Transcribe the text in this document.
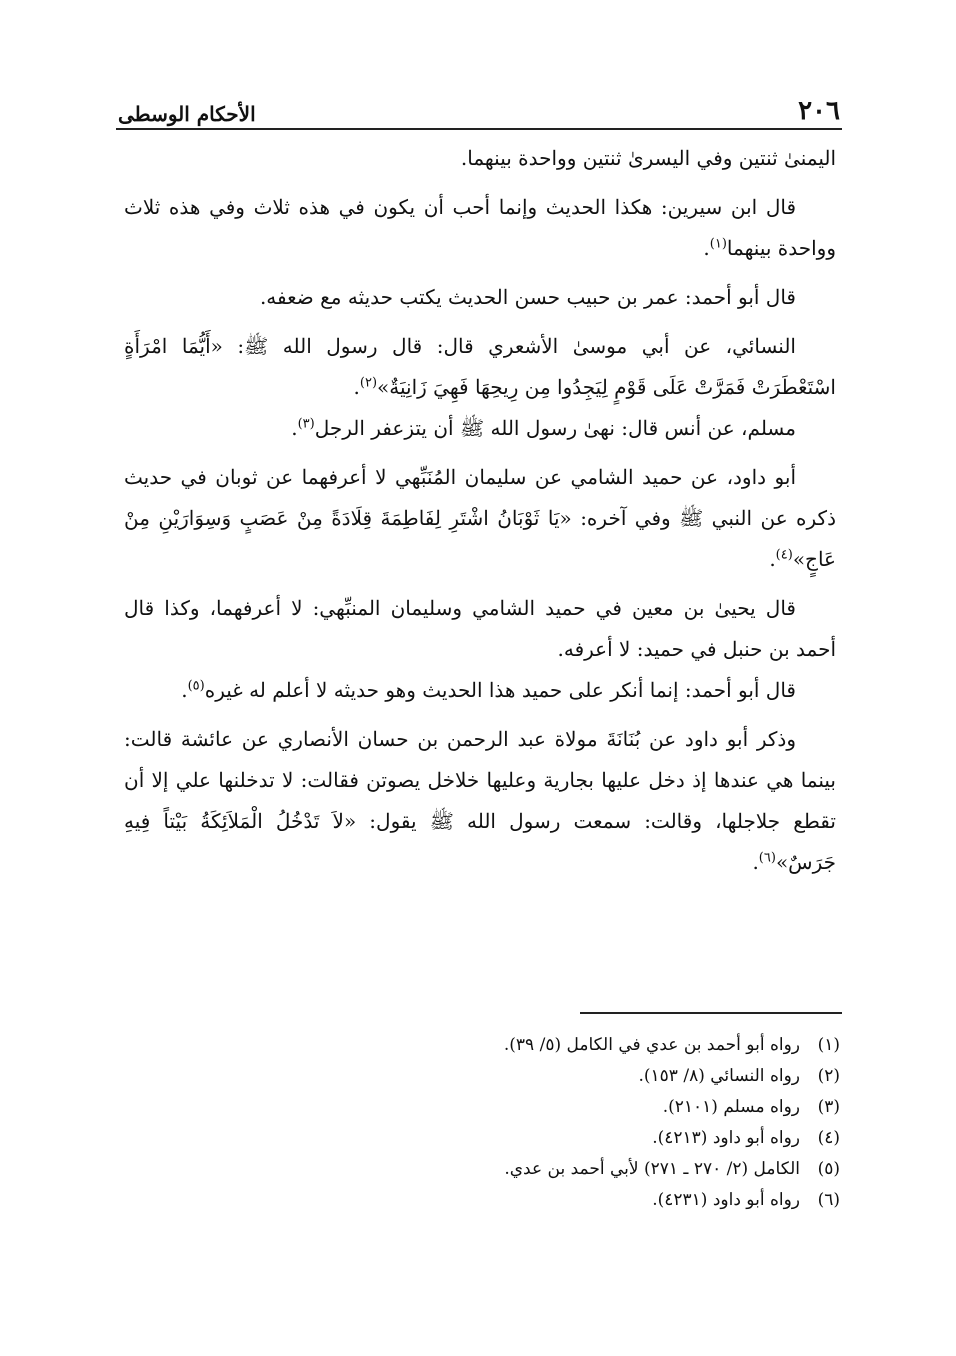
٢٠٦
الأحكام الوسطى

اليمنىٰ ثنتين وفي اليسرىٰ ثنتين وواحدة بينهما.

قال ابن سيرين: هكذا الحديث وإنما أحب أن يكون في هذه ثلاث وفي هذه ثلاث وواحدة بينهما$^{(١)}$.

قال أبو أحمد: عمر بن حبيب حسن الحديث يكتب حديثه مع ضعفه.

النسائي، عن أبي موسىٰ الأشعري قال: قال رسول الله ﷺ: «أَيُّمَا امْرَأَةٍ اسْتَعْطَرَتْ فَمَرَّتْ عَلَى قَوْمٍ لِيَجِدُوا مِن رِيحِهَا فَهِيَ زَانِيَةٌ»$^{(٢)}$.

مسلم، عن أنس قال: نهىٰ رسول الله ﷺ أن يتزعفر الرجل$^{(٣)}$.

أبو داود، عن حميد الشامي عن سليمان المُنَبِّهي لا أعرفهما عن ثوبان في حديث ذكره عن النبي ﷺ وفي آخره: «يَا ثَوْبَانُ اشْتَرِ لِفَاطِمَةَ قِلَادَةً مِنْ عَصَبٍ وَسِوَارَيْنِ مِنْ عَاجٍ»$^{(٤)}$.

قال يحيىٰ بن معين في حميد الشامي وسليمان المنبِّهي: لا أعرفهما، وكذا قال أحمد بن حنبل في حميد: لا أعرفه.

قال أبو أحمد: إنما أنكر على حميد هذا الحديث وهو حديثه لا أعلم له غيره$^{(٥)}$.

وذكر أبو داود عن بُنَانَةَ مولاة عبد الرحمن بن حسان الأنصاري عن عائشة قالت: بينما هي عندها إذ دخل عليها بجارية وعليها خلاخل يصوتن فقالت: لا تدخلنها علي إلا أن تقطع جلاجلها، وقالت: سمعت رسول الله ﷺ يقول: «لاَ تَدْخُلُ الْمَلاَئِكَةُ بَيْتاً فِيهِ جَرَسٌ»$^{(٦)}$.

(١)
رواه أبو أحمد بن عدي في الكامل (٥/ ٣٩).
(٢)
رواه النسائي (٨/ ١٥٣).
(٣)
رواه مسلم (٢١٠١).
(٤)
رواه أبو داود (٤٢١٣).
(٥)
الكامل (٢/ ٢٧٠ ـ ٢٧١) لأبي أحمد بن عدي.
(٦)
رواه أبو داود (٤٢٣١).
